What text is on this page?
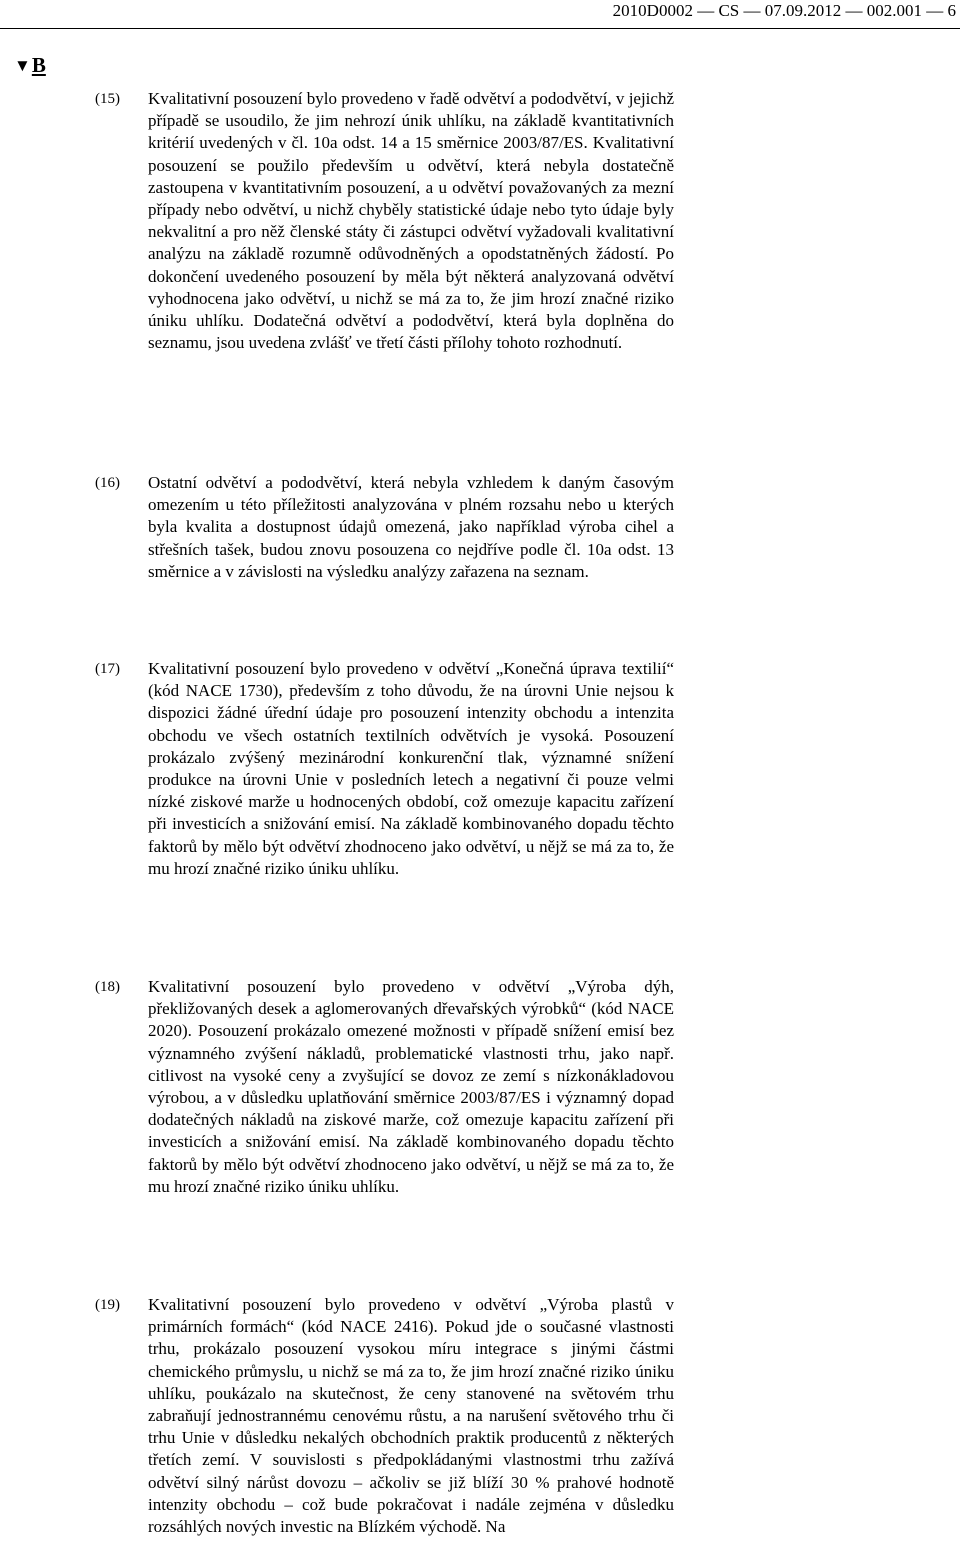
2010D0002 — CS — 07.09.2012 — 002.001 — 6
▼B
(15) Kvalitativní posouzení bylo provedeno v řadě odvětví a pododvětví, v jejichž případě se usoudilo, že jim nehrozí únik uhlíku, na základě kvantitativních kritérií uvedených v čl. 10a odst. 14 a 15 směrnice 2003/87/ES. Kvalitativní posouzení se použilo především u odvětví, která nebyla dostatečně zastoupena v kvantitativním posouzení, a u odvětví považovaných za mezní případy nebo odvětví, u nichž chyběly statistické údaje nebo tyto údaje byly nekvalitní a pro něž členské státy či zástupci odvětví vyžadovali kvalitativní analýzu na základě rozumně odůvodněných a opodstatněných žádostí. Po dokončení uvedeného posouzení by měla být některá analyzovaná odvětví vyhodnocena jako odvětví, u nichž se má za to, že jim hrozí značné riziko úniku uhlíku. Dodatečná odvětví a pododvětví, která byla doplněna do seznamu, jsou uvedena zvlášť ve třetí části přílohy tohoto rozhodnutí.
(16) Ostatní odvětví a pododvětví, která nebyla vzhledem k daným časovým omezením u této příležitosti analyzována v plném rozsahu nebo u kterých byla kvalita a dostupnost údajů omezená, jako například výroba cihel a střešních tašek, budou znovu posouzena co nejdříve podle čl. 10a odst. 13 směrnice a v závislosti na výsledku analýzy zařazena na seznam.
(17) Kvalitativní posouzení bylo provedeno v odvětví „Konečná úprava textilií“ (kód NACE 1730), především z toho důvodu, že na úrovni Unie nejsou k dispozici žádné úřední údaje pro posouzení intenzity obchodu a intenzita obchodu ve všech ostatních textilních odvětvích je vysoká. Posouzení prokázalo zvýšený mezinárodní konkurenční tlak, významné snížení produkce na úrovni Unie v posledních letech a negativní či pouze velmi nízké ziskové marže u hodnocených období, což omezuje kapacitu zařízení při investicích a snižování emisí. Na základě kombinovaného dopadu těchto faktorů by mělo být odvětví zhodnoceno jako odvětví, u nějž se má za to, že mu hrozí značné riziko úniku uhlíku.
(18) Kvalitativní posouzení bylo provedeno v odvětví „Výroba dýh, překližovaných desek a aglomerovaných dřevařských výrobků“ (kód NACE 2020). Posouzení prokázalo omezené možnosti v případě snížení emisí bez významného zvýšení nákladů, problematické vlastnosti trhu, jako např. citlivost na vysoké ceny a zvyšující se dovoz ze zemí s nízkonákladovou výrobou, a v důsledku uplatňování směrnice 2003/87/ES i významný dopad dodatečných nákladů na ziskové marže, což omezuje kapacitu zařízení při investicích a snižování emisí. Na základě kombinovaného dopadu těchto faktorů by mělo být odvětví zhodnoceno jako odvětví, u nějž se má za to, že mu hrozí značné riziko úniku uhlíku.
(19) Kvalitativní posouzení bylo provedeno v odvětví „Výroba plastů v primárních formách“ (kód NACE 2416). Pokud jde o současné vlastnosti trhu, prokázalo posouzení vysokou míru integrace s jinými částmi chemického průmyslu, u nichž se má za to, že jim hrozí značné riziko úniku uhlíku, poukázalo na skutečnost, že ceny stanovené na světovém trhu zabraňují jednostrannému cenovému růstu, a na narušení světového trhu či trhu Unie v důsledku nekalých obchodních praktik producentů z některých třetích zemí. V souvislosti s předpokládanými vlastnostmi trhu zažívá odvětví silný nárůst dovozu – ačkoliv se již blíží 30 % prahové hodnotě intenzity obchodu – což bude pokračovat i nadále zejména v důsledku rozsáhlých nových investic na Blízkém východě. Na
